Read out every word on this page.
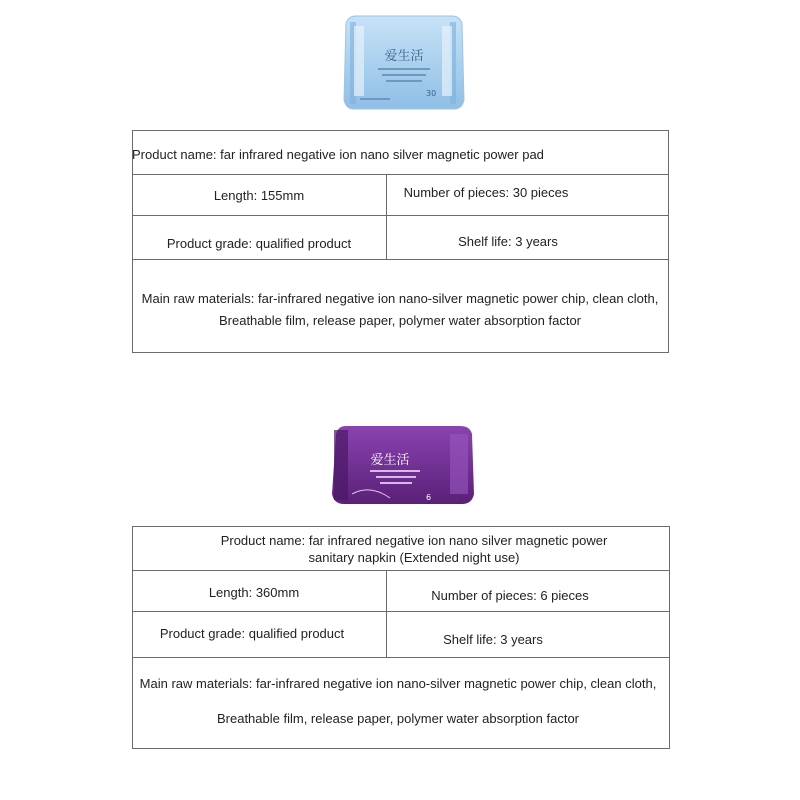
爱生活
30
Product name: far infrared negative ion nano silver magnetic power pad
Length: 155mm	Number of pieces: 30 pieces
Product grade: qualified product	Shelf life: 3 years
Main raw materials: far-infrared negative ion nano-silver magnetic power chip, clean cloth,
Breathable film, release paper, polymer water absorption factor
爱生活
6
Product name: far infrared negative ion nano silver magnetic power
sanitary napkin (Extended night use)
Length: 360mm	Number of pieces: 6 pieces
Product grade: qualified product	Shelf life: 3 years
Main raw materials: far-infrared negative ion nano-silver magnetic power chip, clean cloth,
Breathable film, release paper, polymer water absorption factor
